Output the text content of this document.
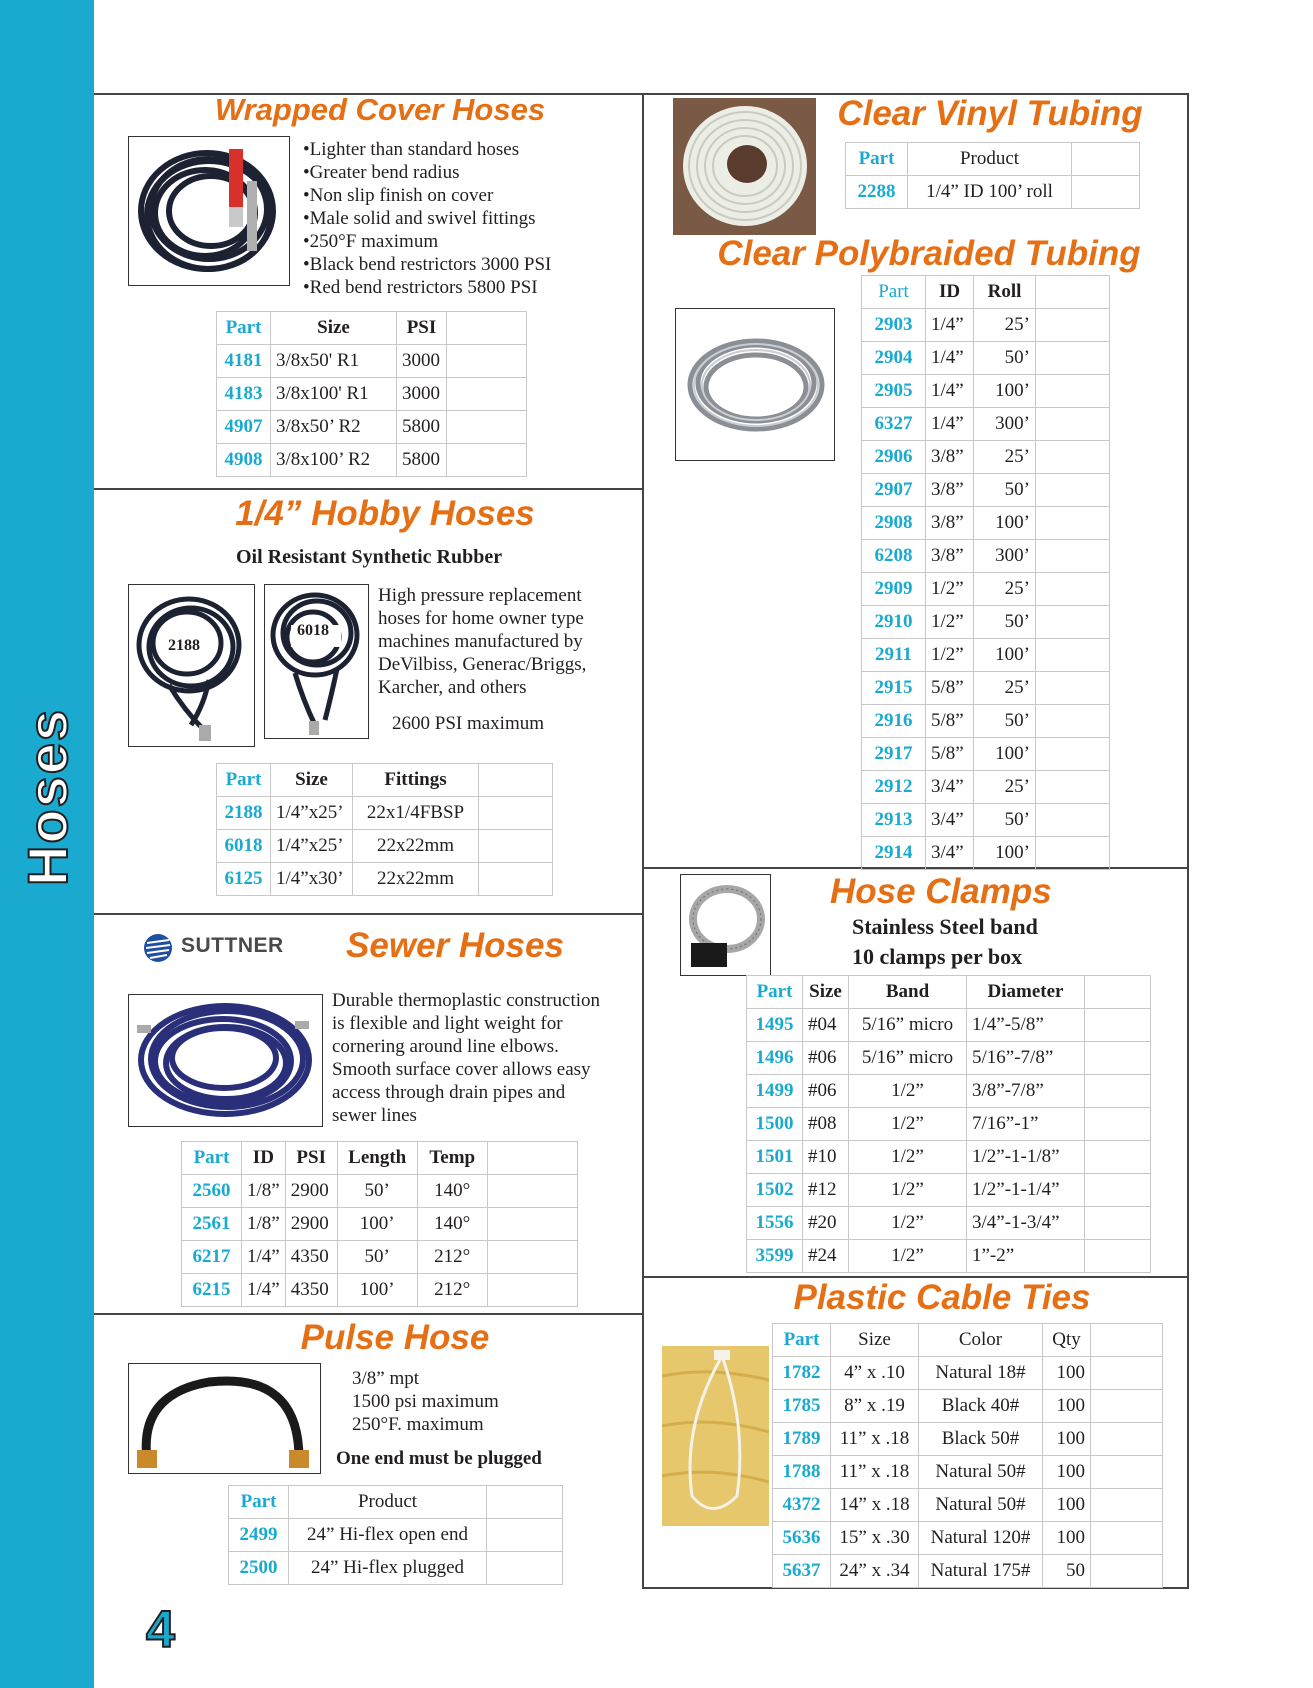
Hoses
4
Wrapped Cover Hoses
•Lighter than standard hoses
•Greater bend radius
•Non slip finish on cover
•Male solid and swivel fittings
•250°F maximum
•Black bend restrictors 3000 PSI
•Red bend restrictors 5800 PSI
Part	Size	PSI	
4181	3/8x50' R1	3000	
4183	3/8x100' R1	3000	
4907	3/8x50’ R2	5800	
4908	3/8x100’ R2	5800	
1/4” Hobby Hoses
Oil Resistant Synthetic Rubber
2188
6018
High pressure replacement
hoses for home owner type
machines manufactured by
DeVilbiss, Generac/Briggs,
Karcher, and others
2600 PSI maximum
Part	Size	Fittings	
2188	1/4”x25’	22x1/4FBSP	
6018	1/4”x25’	22x22mm	
6125	1/4”x30’	22x22mm	
SUTTNER Sewer Hoses
Durable thermoplastic construction
is flexible and light weight for
cornering around line elbows.
Smooth surface cover allows easy
access through drain pipes and
sewer lines
Part	ID	PSI	Length	Temp	
2560	1/8”	2900	50’	140°	
2561	1/8”	2900	100’	140°	
6217	1/4”	4350	50’	212°	
6215	1/4”	4350	100’	212°	
Pulse Hose
3/8” mpt
1500 psi maximum
250°F. maximum
One end must be plugged
Part	Product	
2499	24” Hi-flex open end	
2500	24” Hi-flex plugged	
Clear Vinyl Tubing
Part	Product	
2288	1/4” ID 100’ roll	
Clear Polybraided Tubing
Part	ID	Roll	
2903	1/4”	25’	
2904	1/4”	50’	
2905	1/4”	100’	
6327	1/4”	300’	
2906	3/8”	25’	
2907	3/8”	50’	
2908	3/8”	100’	
6208	3/8”	300’	
2909	1/2”	25’	
2910	1/2”	50’	
2911	1/2”	100’	
2915	5/8”	25’	
2916	5/8”	50’	
2917	5/8”	100’	
2912	3/4”	25’	
2913	3/4”	50’	
2914	3/4”	100’	
Hose Clamps
Stainless Steel band
10 clamps per box
Part	Size	Band	Diameter	
1495	#04	5/16” micro	1/4”-5/8”	
1496	#06	5/16” micro	5/16”-7/8”	
1499	#06	1/2”	3/8”-7/8”	
1500	#08	1/2”	7/16”-1”	
1501	#10	1/2”	1/2”-1-1/8”	
1502	#12	1/2”	1/2”-1-1/4”	
1556	#20	1/2”	3/4”-1-3/4”	
3599	#24	1/2”	1”-2”	
Plastic Cable Ties
Part	Size	Color	Qty	
1782	4” x .10	Natural 18#	100	
1785	8” x .19	Black 40#	100	
1789	11” x .18	Black 50#	100	
1788	11” x .18	Natural 50#	100	
4372	14” x .18	Natural 50#	100	
5636	15” x .30	Natural 120#	100	
5637	24” x .34	Natural 175#	50	
